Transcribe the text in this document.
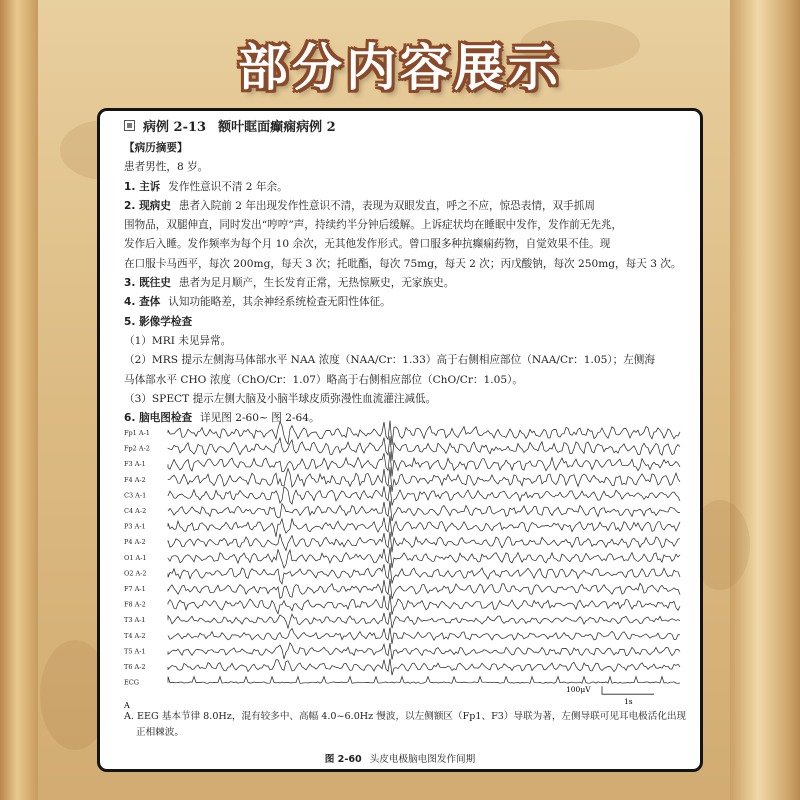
部分内容展示
病例 2-13 额叶眶面癫痫病例 2
【病历摘要】
患者男性，8 岁。
1. 主诉 发作性意识不清 2 年余。
2. 现病史 患者入院前 2 年出现发作性意识不清，表现为双眼发直，呼之不应，惊恐表情，双手抓周
围物品，双腿伸直，同时发出“哼哼”声，持续约半分钟后缓解。上诉症状均在睡眠中发作，发作前无先兆，
发作后入睡。发作频率为每个月 10 余次，无其他发作形式。曾口服多种抗癫痫药物，自觉效果不佳。现
在口服卡马西平，每次 200mg，每天 3 次；托吡酯，每次 75mg，每天 2 次；丙戊酸钠，每次 250mg，每天 3 次。
3. 既往史 患者为足月顺产，生长发育正常，无热惊厥史，无家族史。
4. 查体 认知功能略差，其余神经系统检查无阳性体征。
5. 影像学检查
（1）MRI 未见异常。
（2）MRS 提示左侧海马体部水平 NAA 浓度（NAA/Cr：1.33）高于右侧相应部位（NAA/Cr：1.05）；左侧海
马体部水平 CHO 浓度（ChO/Cr：1.07）略高于右侧相应部位（ChO/Cr：1.05）。
（3）SPECT 提示左侧大脑及小脑半球皮质弥漫性血流灌注减低。
6. 脑电图检查 详见图 2-60~ 图 2-64。
Fp1 A-1
Fp2 A-2
F3 A-1
F4 A-2
C3 A-1
C4 A-2
P3 A-1
P4 A-2
O1 A-1
O2 A-2
F7 A-1
F8 A-2
T3 A-1
T4 A-2
T5 A-1
T6 A-2
ECG
100μV
1s
A
A. EEG 基本节律 8.0Hz，混有较多中、高幅 4.0~6.0Hz 慢波，以左侧额区（Fp1、F3）导联为著，左侧导联可见耳电极活化出现
正相棘波。
图 2-60 头皮电极脑电图发作间期
